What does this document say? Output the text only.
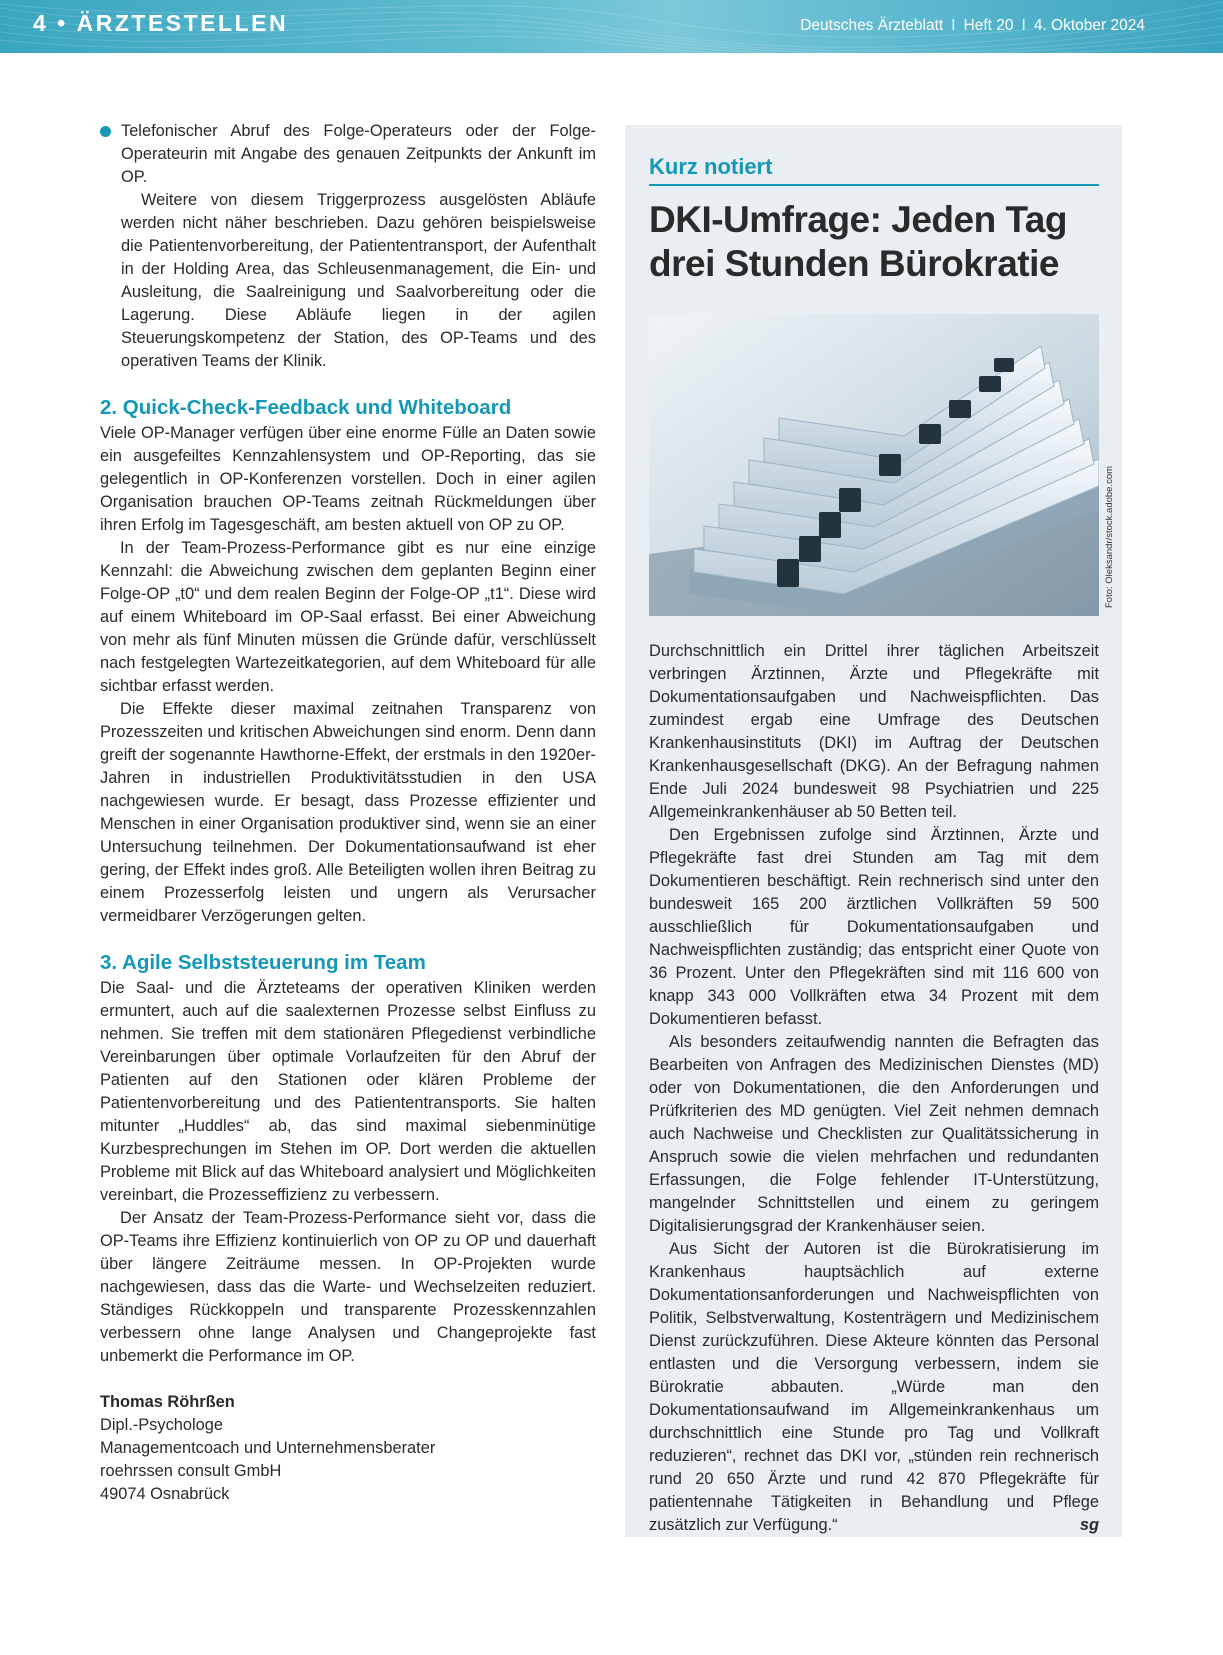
4 • ÄRZTESTELLEN	Deutsches Ärzteblatt I Heft 20 I 4. Oktober 2024

Telefonischer Abruf des Folge-Operateurs oder der Folge-Operateurin mit Angabe des genauen Zeitpunkts der Ankunft im OP.

Weitere von diesem Triggerprozess ausgelösten Abläufe werden nicht näher beschrieben. Dazu gehören beispielsweise die Patientenvorbereitung, der Patiententransport, der Aufenthalt in der Holding Area, das Schleusenmanagement, die Ein- und Ausleitung, die Saalreinigung und Saalvorbereitung oder die Lagerung. Diese Abläufe liegen in der agilen Steuerungskompetenz der Station, des OP-Teams und des operativen Teams der Klinik.

2. Quick-Check-Feedback und Whiteboard

Viele OP-Manager verfügen über eine enorme Fülle an Daten sowie ein ausgefeiltes Kennzahlensystem und OP-Reporting, das sie gelegentlich in OP-Konferenzen vorstellen. Doch in einer agilen Organisation brauchen OP-Teams zeitnah Rückmeldungen über ihren Erfolg im Tagesgeschäft, am besten aktuell von OP zu OP.

In der Team-Prozess-Performance gibt es nur eine einzige Kennzahl: die Abweichung zwischen dem geplanten Beginn einer Folge-OP „t0“ und dem realen Beginn der Folge-OP „t1“. Diese wird auf einem Whiteboard im OP-Saal erfasst. Bei einer Abweichung von mehr als fünf Minuten müssen die Gründe dafür, verschlüsselt nach festgelegten Wartezeitkategorien, auf dem Whiteboard für alle sichtbar erfasst werden.

Die Effekte dieser maximal zeitnahen Transparenz von Prozesszeiten und kritischen Abweichungen sind enorm. Denn dann greift der sogenannte Hawthorne-Effekt, der erstmals in den 1920er-Jahren in industriellen Produktivitätsstudien in den USA nachgewiesen wurde. Er besagt, dass Prozesse effizienter und Menschen in einer Organisation produktiver sind, wenn sie an einer Untersuchung teilnehmen. Der Dokumentationsaufwand ist eher gering, der Effekt indes groß. Alle Beteiligten wollen ihren Beitrag zu einem Prozesserfolg leisten und ungern als Verursacher vermeidbarer Verzögerungen gelten.

3. Agile Selbststeuerung im Team

Die Saal- und die Ärzteteams der operativen Kliniken werden ermuntert, auch auf die saalexternen Prozesse selbst Einfluss zu nehmen. Sie treffen mit dem stationären Pflegedienst verbindliche Vereinbarungen über optimale Vorlaufzeiten für den Abruf der Patienten auf den Stationen oder klären Probleme der Patientenvorbereitung und des Patiententransports. Sie halten mitunter „Huddles“ ab, das sind maximal siebenminütige Kurzbesprechungen im Stehen im OP. Dort werden die aktuellen Probleme mit Blick auf das Whiteboard analysiert und Möglichkeiten vereinbart, die Prozesseffizienz zu verbessern.

Der Ansatz der Team-Prozess-Performance sieht vor, dass die OP-Teams ihre Effizienz kontinuierlich von OP zu OP und dauerhaft über längere Zeiträume messen. In OP-Projekten wurde nachgewiesen, dass das die Warte- und Wechselzeiten reduziert. Ständiges Rückkoppeln und transparente Prozesskennzahlen verbessern ohne lange Analysen und Changeprojekte fast unbemerkt die Performance im OP.

Thomas Röhrßen
Dipl.-Psychologe
Managementcoach und Unternehmensberater
roehrssen consult GmbH
49074 Osnabrück
Kurz notiert
DKI-Umfrage: Jeden Tag drei Stunden Bürokratie

Durchschnittlich ein Drittel ihrer täglichen Arbeitszeit verbringen Ärztinnen, Ärzte und Pflegekräfte mit Dokumentationsaufgaben und Nachweispflichten. Das zumindest ergab eine Umfrage des Deutschen Krankenhausinstituts (DKI) im Auftrag der Deutschen Krankenhausgesellschaft (DKG). An der Befragung nahmen Ende Juli 2024 bundesweit 98 Psychiatrien und 225 Allgemeinkrankenhäuser ab 50 Betten teil.

Den Ergebnissen zufolge sind Ärztinnen, Ärzte und Pflegekräfte fast drei Stunden am Tag mit dem Dokumentieren beschäftigt. Rein rechnerisch sind unter den bundesweit 165 200 ärztlichen Vollkräften 59 500 ausschließlich für Dokumentationsaufgaben und Nachweispflichten zuständig; das entspricht einer Quote von 36 Prozent. Unter den Pflegekräften sind mit 116 600 von knapp 343 000 Vollkräften etwa 34 Prozent mit dem Dokumentieren befasst.

Als besonders zeitaufwendig nannten die Befragten das Bearbeiten von Anfragen des Medizinischen Dienstes (MD) oder von Dokumentationen, die den Anforderungen und Prüfkriterien des MD genügten. Viel Zeit nehmen demnach auch Nachweise und Checklisten zur Qualitätssicherung in Anspruch sowie die vielen mehrfachen und redundanten Erfassungen, die Folge fehlender IT-Unterstützung, mangelnder Schnittstellen und einem zu geringem Digitalisierungsgrad der Krankenhäuser seien.

Aus Sicht der Autoren ist die Bürokratisierung im Krankenhaus hauptsächlich auf externe Dokumentationsanforderungen und Nachweispflichten von Politik, Selbstverwaltung, Kostenträgern und Medizinischem Dienst zurückzuführen. Diese Akteure könnten das Personal entlasten und die Versorgung verbessern, indem sie Bürokratie abbauten. „Würde man den Dokumentationsaufwand im Allgemeinkrankenhaus um durchschnittlich eine Stunde pro Tag und Vollkraft reduzieren“, rechnet das DKI vor, „stünden rein rechnerisch rund 20 650 Ärzte und rund 42 870 Pflegekräfte für patientennahe Tätigkeiten in Behandlung und Pflege zusätzlich zur Verfügung.“	sg
